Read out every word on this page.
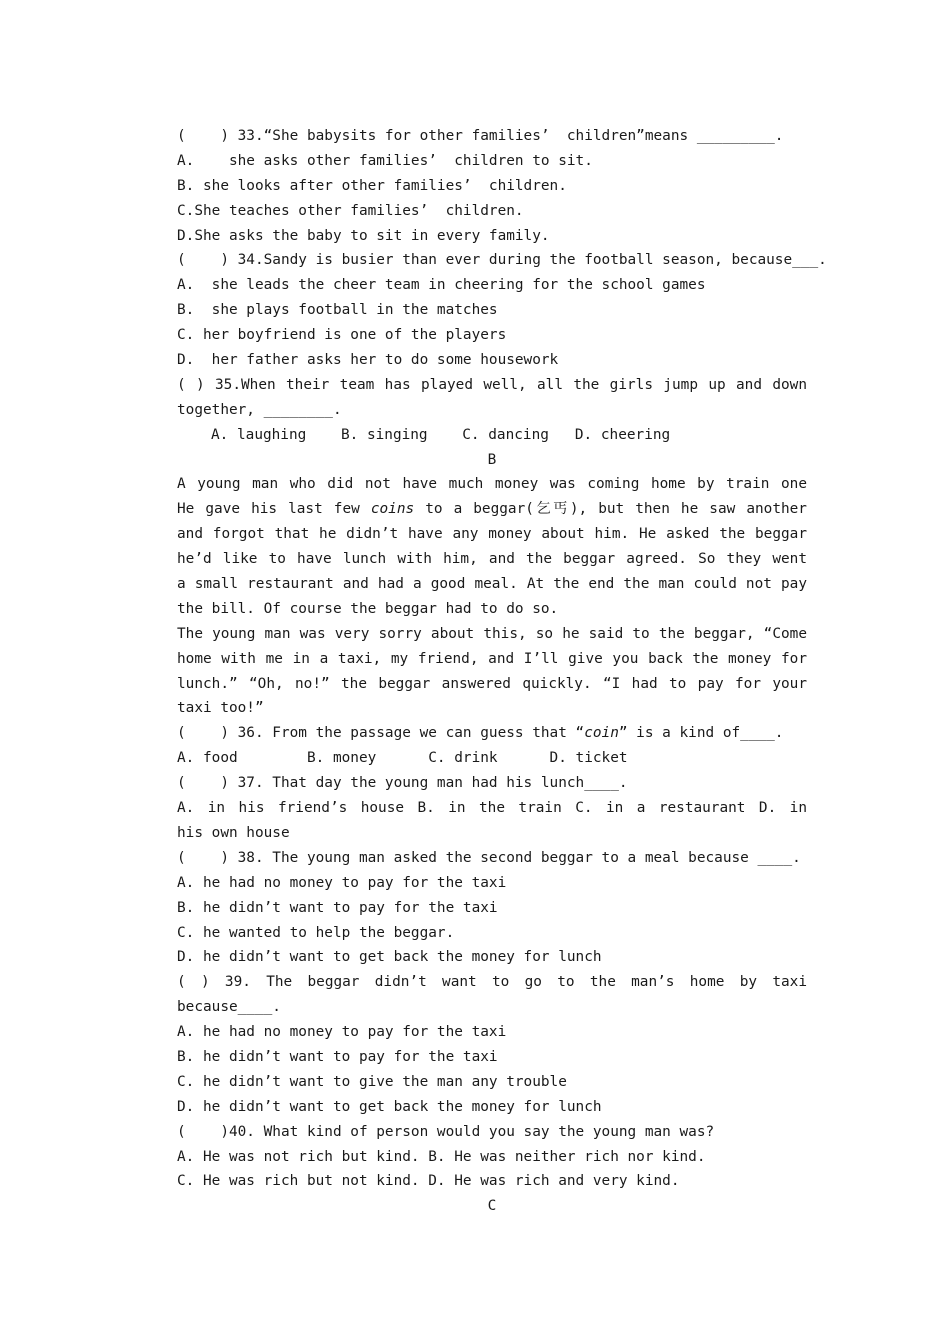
(    ) 33.“She babysits for other families’  children”means _________.
A.    she asks other families’  children to sit.
B. she looks after other families’  children.
C.She teaches other families’  children.
D.She asks the baby to sit in every family.
(    ) 34.Sandy is busier than ever during the football season, because___.
A.  she leads the cheer team in cheering for the school games
B.  she plays football in the matches
C. her boyfriend is one of the players
D.  her father asks her to do some housework
( ) 35.When their team has played well, all the girls jump up and down
together, ________.
A. laughing    B. singing    C. dancing   D. cheering
B
A young man who did not have much money was coming home by train one
He gave his last few coins to a beggar(乞丐), but then he saw another
and forgot that he didn’t have any money about him. He asked the beggar
he’d like to have lunch with him, and the beggar agreed. So they went
a small restaurant and had a good meal. At the end the man could not pay
the bill. Of course the beggar had to do so.
The young man was very sorry about this, so he said to the beggar, “Come
home with me in a taxi, my friend, and I’ll give you back the money for
lunch.” “Oh, no!” the beggar answered quickly. “I had to pay for your
taxi too!”
(    ) 36. From the passage we can guess that “coin” is a kind of____.
A. food        B. money      C. drink      D. ticket
(    ) 37. That day the young man had his lunch____.
A. in his friend’s house B. in the train C. in a restaurant D. in
his own house
(    ) 38. The young man asked the second beggar to a meal because ____.
A. he had no money to pay for the taxi
B. he didn’t want to pay for the taxi
C. he wanted to help the beggar.
D. he didn’t want to get back the money for lunch
( ) 39. The beggar didn’t want to go to the man’s home by taxi
because____.
A. he had no money to pay for the taxi
B. he didn’t want to pay for the taxi
C. he didn’t want to give the man any trouble
D. he didn’t want to get back the money for lunch
(    )40. What kind of person would you say the young man was?
A. He was not rich but kind. B. He was neither rich nor kind.
C. He was rich but not kind. D. He was rich and very kind.
C
